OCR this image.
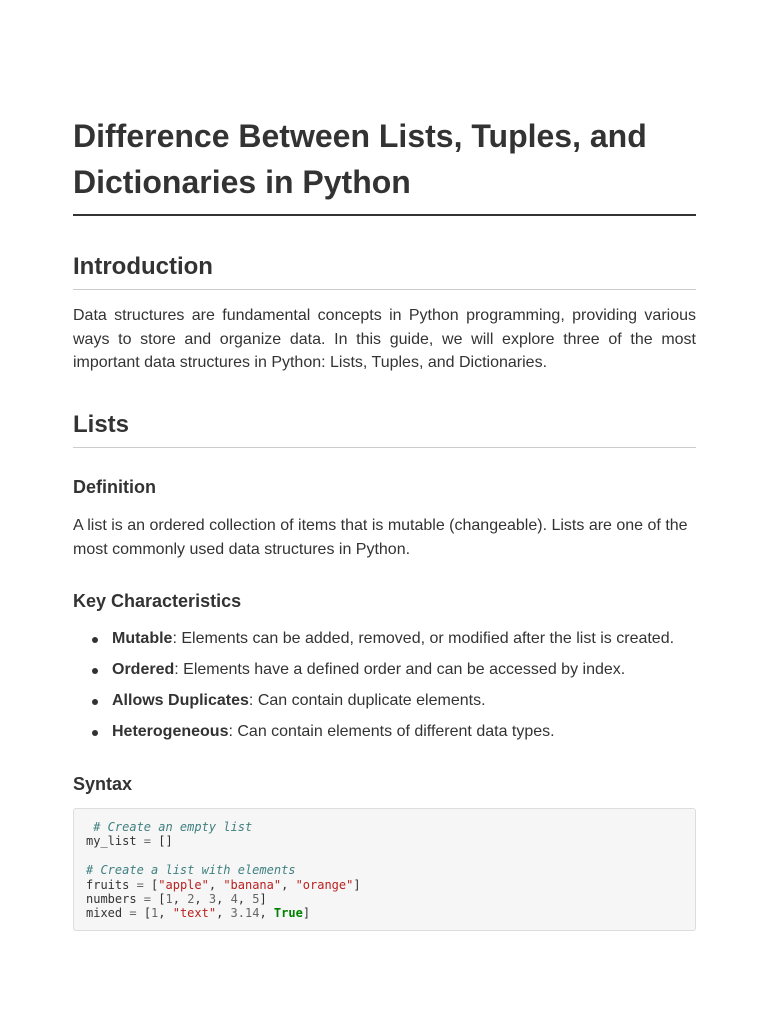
Difference Between Lists, Tuples, and Dictionaries in Python
Introduction

Data structures are fundamental concepts in Python programming, providing various ways to store and organize data. In this guide, we will explore three of the most important data structures in Python: Lists, Tuples, and Dictionaries.

Lists
Definition

A list is an ordered collection of items that is mutable (changeable). Lists are one of the most commonly used data structures in Python.

Key Characteristics
Mutable: Elements can be added, removed, or modified after the list is created.
Ordered: Elements have a defined order and can be accessed by index.
Allows Duplicates: Can contain duplicate elements.
Heterogeneous: Can contain elements of different data types.
Syntax
# Create an empty list
my_list = []

# Create a list with elements
fruits = ["apple", "banana", "orange"]
numbers = [1, 2, 3, 4, 5]
mixed = [1, "text", 3.14, True]
